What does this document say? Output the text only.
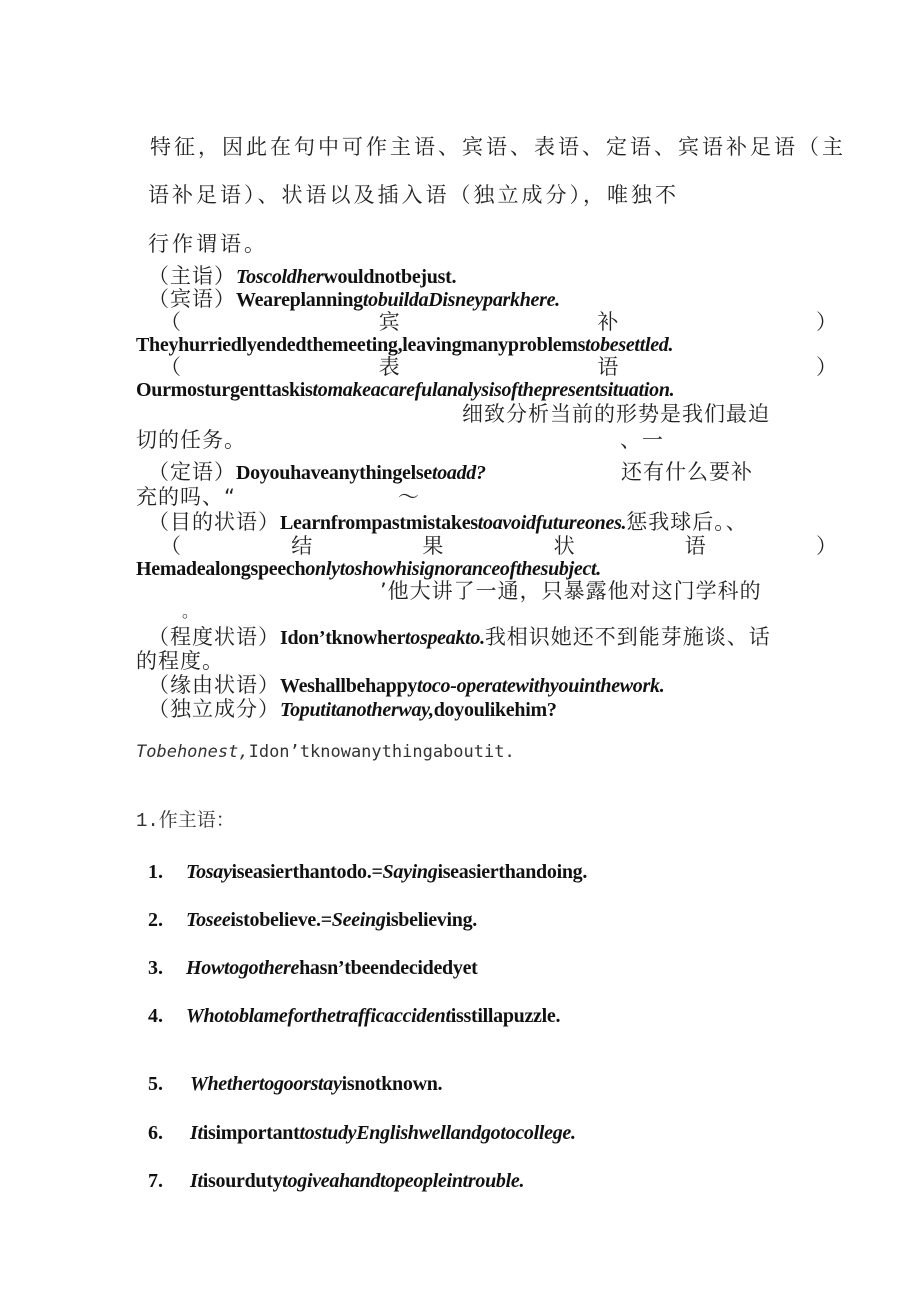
特征，因此在句中可作主语、宾语、表语、定语、宾语补足语（主
语补足语）、状语以及插入语（独立成分），唯独不
行作谓语。
（主诣）Toscoldherwouldnotbejust.
（宾语）WeareplanningtobuildaDisneyparkhere.
（	宾	补	）
Theyhurriedlyendedthemeeting,leavingmanyproblemstobesettled.
（	表	语	）
Ourmosturgenttaskistomakeacarefulanalysisofthepresentsituation.
细致分析当前的形势是我们最迫
切的任务。	、一
（定语）Doyouhaveanythingelsetoadd?	还有什么要补
充的吗、“	～
（目的状语）Learnfrompastmistakestoavoidfutureones.惩我球后。、
（	结	果	状	语	）
Hemadealongspeechonlytoshowhisignoranceofthesubject.
’他大讲了一通，只暴露他对这门学科的
。
（程度状语）Idon’tknowhertospeakto.我相识她还不到能芽施谈、话
的程度。
（缘由状语）Weshallbehappytoco-operatewithyouinthework.
（独立成分）Toputitanotherway,doyoulikehim?
Tobehonest,Idon’tknowanythingaboutit.
1.作主语：
1. Tosayiseasierthantodo.=Sayingiseasierthandoing.
2. Toseeistobelieve.=Seeingisbelieving.
3. Howtogotherehasn’tbeendecidedyet
4. Whotoblameforthetrafficaccidentisstillapuzzle.
5. Whethertogoorstayisnotknown.
6. ItisimportanttostudyEnglishwellandgotocollege.
7. Itisourdutytogiveahandtopeopleintrouble.
